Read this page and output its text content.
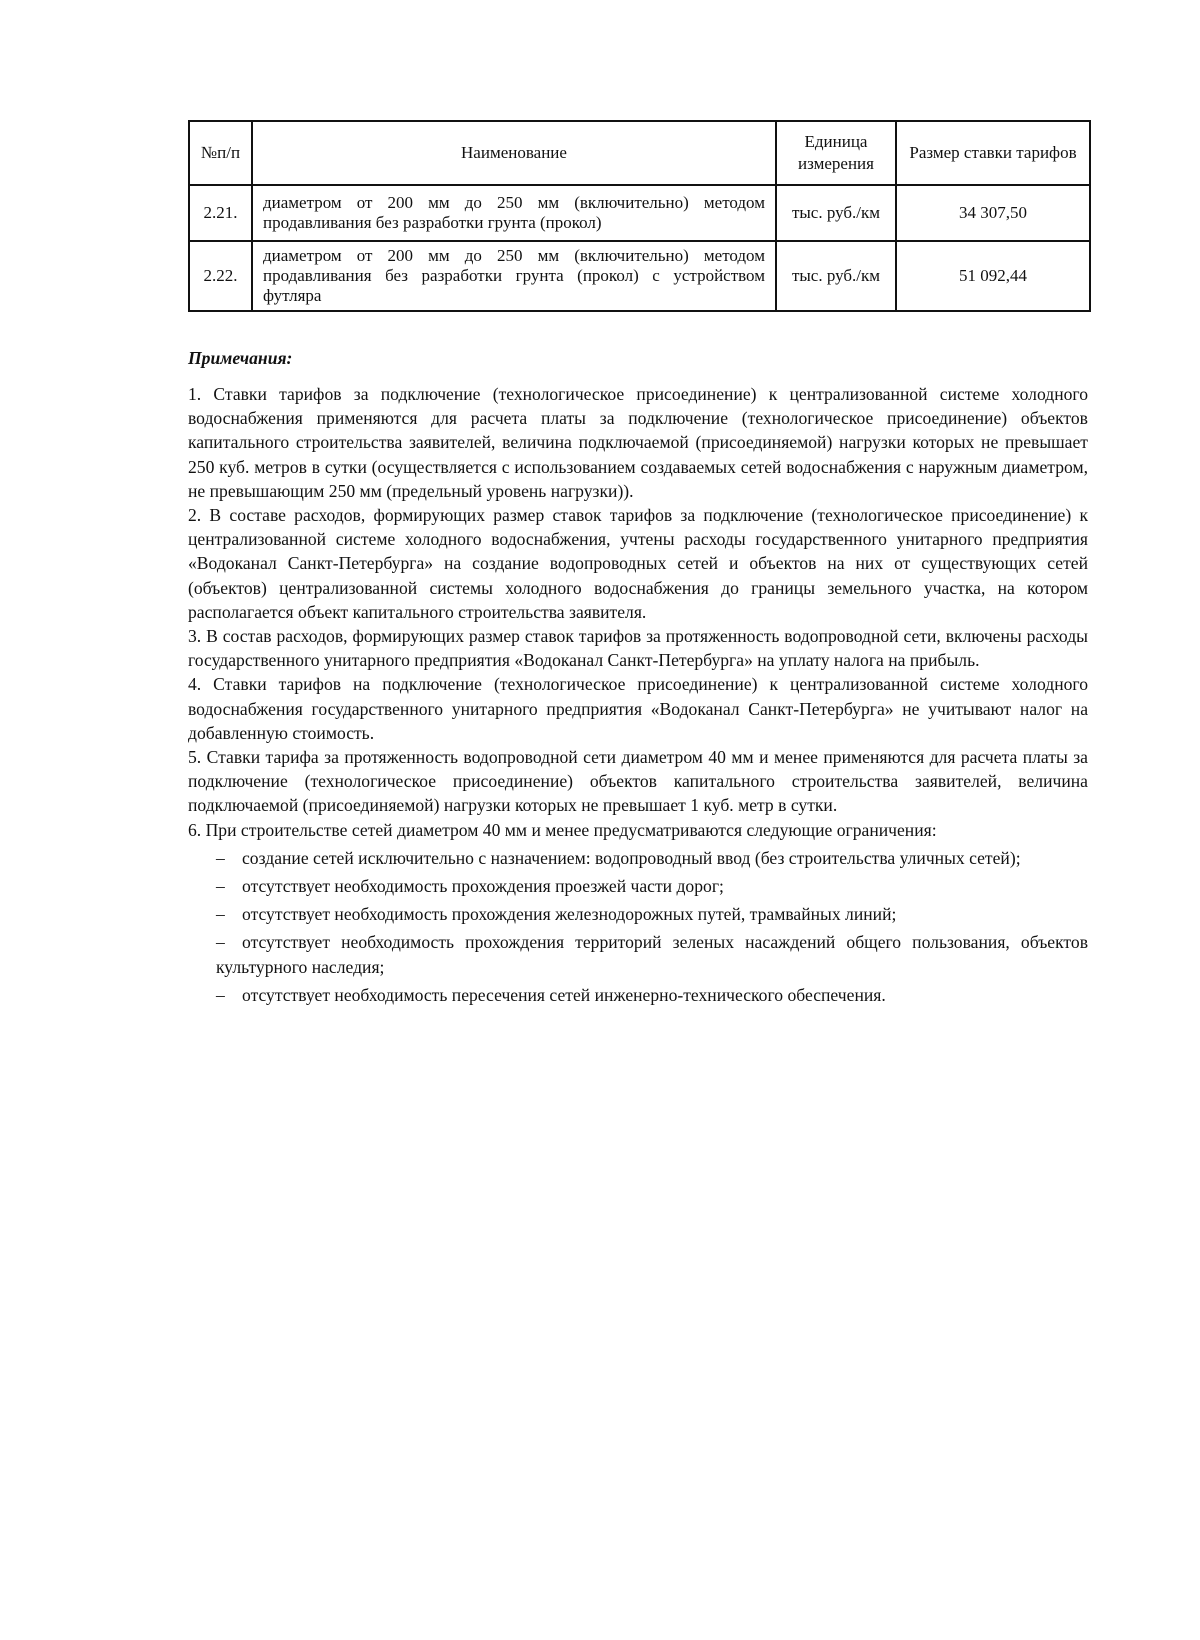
№п/п	Наименование	Единица измерения	Размер ставки тарифов
2.21.	диаметром от 200 мм до 250 мм (включительно) методом продавливания без разработки грунта (прокол)	тыс. руб./км	34 307,50
2.22.	диаметром от 200 мм до 250 мм (включительно) методом продавливания без разработки грунта (прокол) с устройством футляра	тыс. руб./км	51 092,44

Примечания:

1. Ставки тарифов за подключение (технологическое присоединение) к централизованной системе холодного водоснабжения применяются для расчета платы за подключение (технологическое присоединение) объектов капитального строительства заявителей, величина подключаемой (присоединяемой) нагрузки которых не превышает 250 куб. метров в сутки (осуществляется с использованием создаваемых сетей водоснабжения с наружным диаметром, не превышающим 250 мм (предельный уровень нагрузки)).

2. В составе расходов, формирующих размер ставок тарифов за подключение (технологическое присоединение) к централизованной системе холодного водоснабжения, учтены расходы государственного унитарного предприятия «Водоканал Санкт-Петербурга» на создание водопроводных сетей и объектов на них от существующих сетей (объектов) централизованной системы холодного водоснабжения до границы земельного участка, на котором располагается объект капитального строительства заявителя.

3. В состав расходов, формирующих размер ставок тарифов за протяженность водопроводной сети, включены расходы государственного унитарного предприятия «Водоканал Санкт-Петербурга» на уплату налога на прибыль.

4. Ставки тарифов на подключение (технологическое присоединение) к централизованной системе холодного водоснабжения государственного унитарного предприятия «Водоканал Санкт-Петербурга» не учитывают налог на добавленную стоимость.

5. Ставки тарифа за протяженность водопроводной сети диаметром 40 мм и менее применяются для расчета платы за подключение (технологическое присоединение) объектов капитального строительства заявителей, величина подключаемой (присоединяемой) нагрузки которых не превышает 1 куб. метр в сутки.

6. При строительстве сетей диаметром 40 мм и менее предусматриваются следующие ограничения:

– создание сетей исключительно с назначением: водопроводный ввод (без строительства уличных сетей);
– отсутствует необходимость прохождения проезжей части дорог;
– отсутствует необходимость прохождения железнодорожных путей, трамвайных линий;
– отсутствует необходимость прохождения территорий зеленых насаждений общего пользования, объектов культурного наследия;
– отсутствует необходимость пересечения сетей инженерно-технического обеспечения.
